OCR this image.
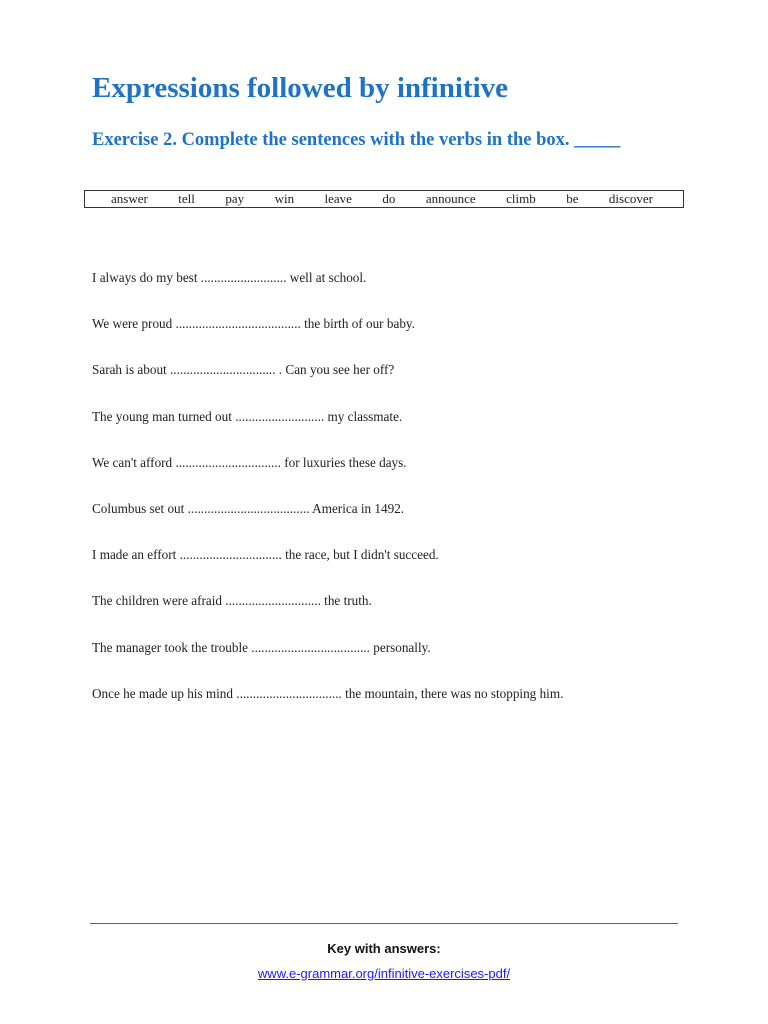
Expressions followed by infinitive
Exercise 2. Complete the sentences with the verbs in the box. _____
answer tell pay win leave do announce climb be discover
I always do my best .......................... well at school.
We were proud ...................................... the birth of our baby.
Sarah is about ................................ . Can you see her off?
The young man turned out ........................... my classmate.
We can't afford ................................ for luxuries these days.
Columbus set out ..................................... America in 1492.
I made an effort ............................... the race, but I didn't succeed.
The children were afraid ............................. the truth.
The manager took the trouble .................................... personally.
Once he made up his mind ................................ the mountain, there was no stopping him.
Key with answers:
www.e-grammar.org/infinitive-exercises-pdf/
